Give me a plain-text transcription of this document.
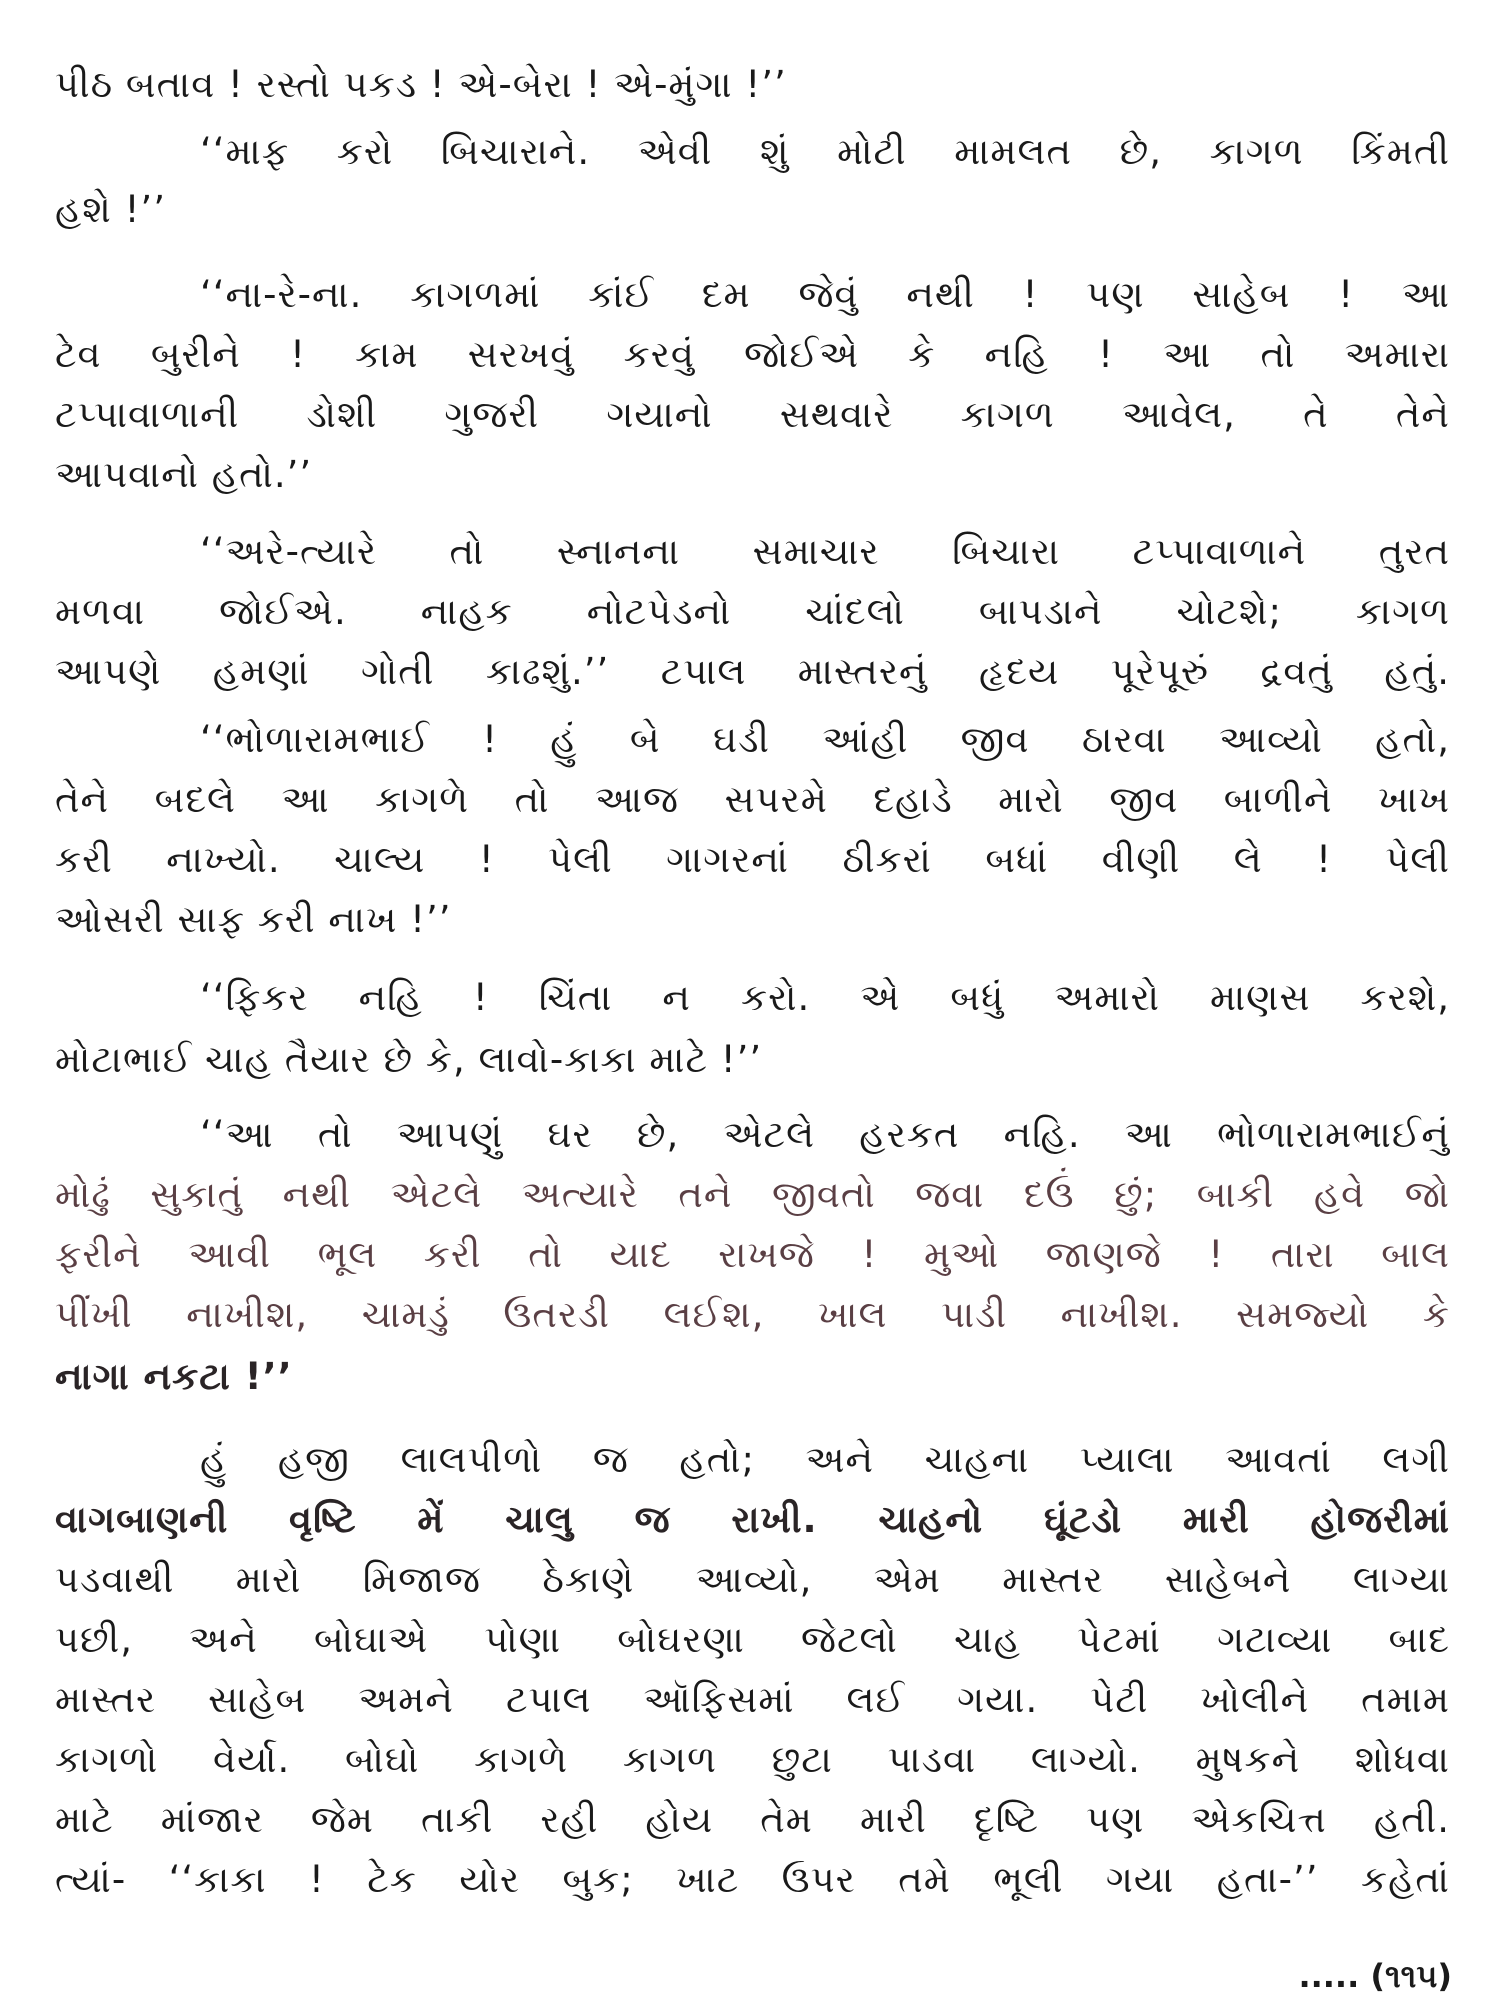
પીઠ બતાવ ! રસ્તો પકડ ! એ-બેરા ! એ-મુંગા !’’
‘‘માફ કરો બિચારાને. એવી શું મોટી મામલત છે, કાગળ કિંમતી
હશે !’’
‘‘ના-રે-ના. કાગળમાં કાંઈ દમ જેવું નથી ! પણ સાહેબ ! આ
ટેવ બુરીને ! કામ સરખવું કરવું જોઈએ કે નહિ ! આ તો અમારા
ટપ્પાવાળાની ડોશી ગુજરી ગયાનો સથવારે કાગળ આવેલ, તે તેને
આપવાનો હતો.’’
‘‘અરે-ત્યારે તો સ્નાનના સમાચાર બિચારા ટપ્પાવાળાને તુરત
મળવા જોઈએ. નાહક નોટપેડનો ચાંદલો બાપડાને ચોટશે; કાગળ
આપણે હમણાં ગોતી કાઢશું.’’ ટપાલ માસ્તરનું હૃદય પૂરેપૂરું દ્રવતું હતું.
‘‘ભોળારામભાઈ ! હું બે ઘડી આંહી જીવ ઠારવા આવ્યો હતો,
તેને બદલે આ કાગળે તો આજ સપરમે દહાડે મારો જીવ બાળીને ખાખ
કરી નાખ્યો. ચાલ્ય ! પેલી ગાગરનાં ઠીકરાં બધાં વીણી લે ! પેલી
ઓસરી સાફ કરી નાખ !’’
‘‘ફિકર નહિ ! ચિંતા ન કરો. એ બધું અમારો માણસ કરશે,
મોટાભાઈ ચાહ તૈયાર છે કે, લાવો-કાકા માટે !’’
‘‘આ તો આપણું ઘર છે, એટલે હરકત નહિ. આ ભોળારામભાઈનું
મોઢું સુકાતું નથી એટલે અત્યારે તને જીવતો જવા દઉં છું; બાકી હવે જો
ફરીને આવી ભૂલ કરી તો યાદ રાખજે ! મુઓ જાણજે ! તારા બાલ
પીંખી નાખીશ, ચામડું ઉતરડી લઈશ, ખાલ પાડી નાખીશ. સમજ્યો કે
નાગા નકટા !’’
હું હજી લાલપીળો જ હતો; અને ચાહના પ્યાલા આવતાં લગી
વાગબાણની વૃષ્ટિ મેં ચાલુ જ રાખી. ચાહનો ઘૂંટડો મારી હોજરીમાં
પડવાથી મારો મિજાજ ઠેકાણે આવ્યો, એમ માસ્તર સાહેબને લાગ્યા
પછી, અને બોઘાએ પોણા બોઘરણા જેટલો ચાહ પેટમાં ગટાવ્યા બાદ
માસ્તર સાહેબ અમને ટપાલ ઑફિસમાં લઈ ગયા. પેટી ખોલીને તમામ
કાગળો વેર્યા. બોઘો કાગળે કાગળ છુટા પાડવા લાગ્યો. મુષકને શોધવા
માટે માંજાર જેમ તાકી રહી હોય તેમ મારી દૃષ્ટિ પણ એકચિત્ત હતી.
ત્યાં- ‘‘કાકા ! ટેક યોર બુક; ખાટ ઉપર તમે ભૂલી ગયા હતા-’’ કહેતાં
..... (૧૧૫)
